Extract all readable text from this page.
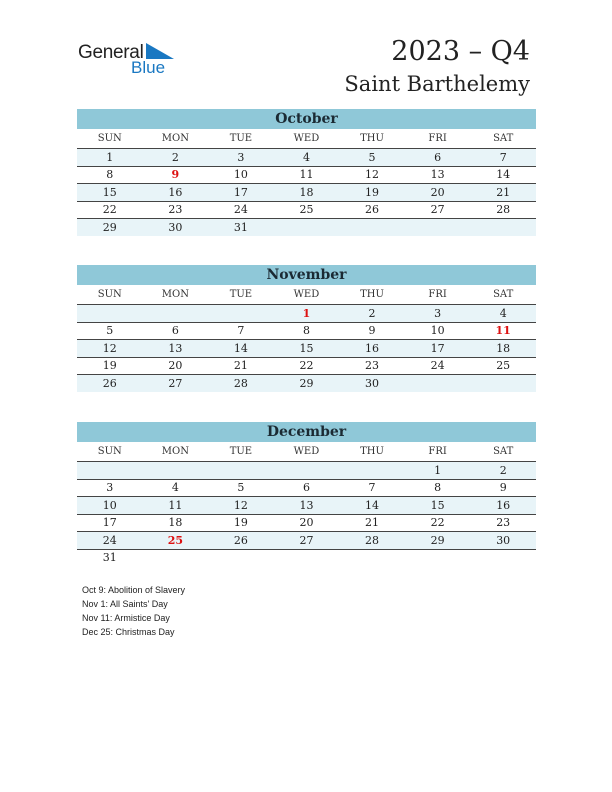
General
Blue
2023 – Q4
Saint Barthelemy
October
SUN	MON	TUE	WED	THU	FRI	SAT
1	2	3	4	5	6	7
8	9	10	11	12	13	14
15	16	17	18	19	20	21
22	23	24	25	26	27	28
29	30	31				
November
SUN	MON	TUE	WED	THU	FRI	SAT
			1	2	3	4
5	6	7	8	9	10	11
12	13	14	15	16	17	18
19	20	21	22	23	24	25
26	27	28	29	30		
December
SUN	MON	TUE	WED	THU	FRI	SAT
					1	2
3	4	5	6	7	8	9
10	11	12	13	14	15	16
17	18	19	20	21	22	23
24	25	26	27	28	29	30
31						
Oct 9: Abolition of Slavery
Nov 1: All Saints' Day
Nov 11: Armistice Day
Dec 25: Christmas Day
